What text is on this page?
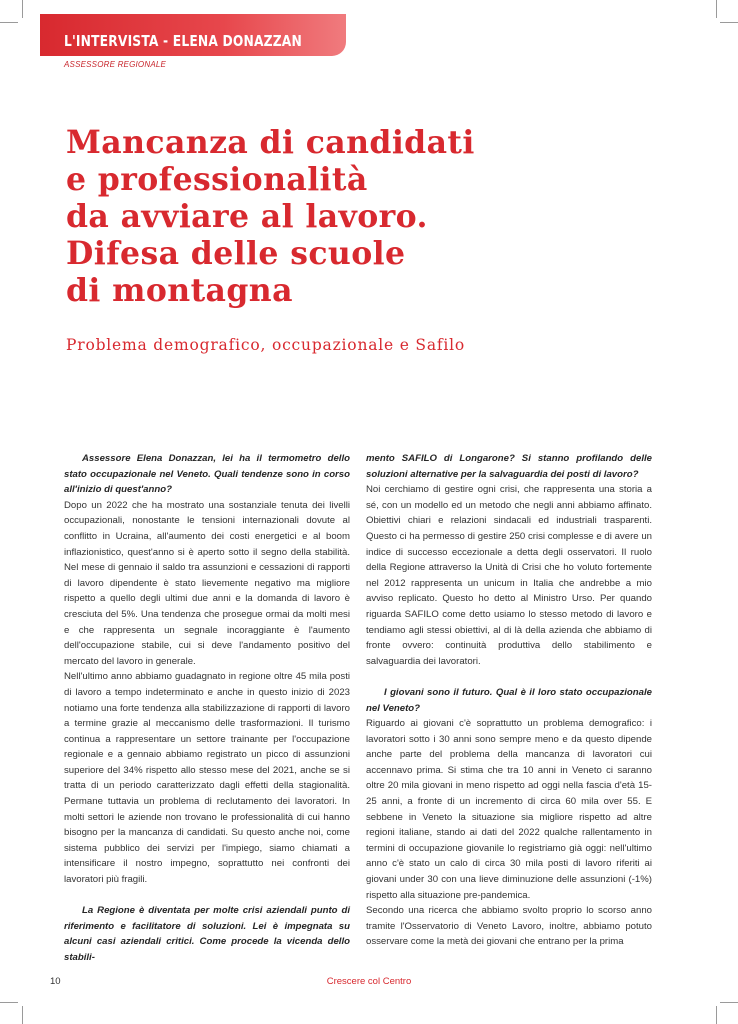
L'INTERVISTA - ELENA DONAZZAN
ASSESSORE REGIONALE
Mancanza di candidati
e professionalità
da avviare al lavoro.
Difesa delle scuole
di montagna
Problema demografico, occupazionale e Safilo

Assessore Elena Donazzan, lei ha il termometro dello stato occupazionale nel Veneto. Quali tendenze sono in corso all'inizio di quest'anno?

Dopo un 2022 che ha mostrato una sostanziale tenuta dei livelli occupazionali, nonostante le tensioni internazionali dovute al conflitto in Ucraina, all'aumento dei costi energetici e al boom inflazionistico, quest'anno si è aperto sotto il segno della stabilità. Nel mese di gennaio il saldo tra assunzioni e cessazioni di rapporti di lavoro dipendente è stato lievemente negativo ma migliore rispetto a quello degli ultimi due anni e la domanda di lavoro è cresciuta del 5%. Una tendenza che prosegue ormai da molti mesi e che rappresenta un segnale incoraggiante è l'aumento dell'occupazione stabile, cui si deve l'andamento positivo del mercato del lavoro in generale.

Nell'ultimo anno abbiamo guadagnato in regione oltre 45 mila posti di lavoro a tempo indeterminato e anche in questo inizio di 2023 notiamo una forte tendenza alla stabilizzazione di rapporti di lavoro a termine grazie al meccanismo delle trasformazioni. Il turismo continua a rappresentare un settore trainante per l'occupazione regionale e a gennaio abbiamo registrato un picco di assunzioni superiore del 34% rispetto allo stesso mese del 2021, anche se si tratta di un periodo caratterizzato dagli effetti della stagionalità. Permane tuttavia un problema di reclutamento dei lavoratori. In molti settori le aziende non trovano le professionalità di cui hanno bisogno per la mancanza di candidati. Su questo anche noi, come sistema pubblico dei servizi per l'impiego, siamo chiamati a intensificare il nostro impegno, soprattutto nei confronti dei lavoratori più fragili.

La Regione è diventata per molte crisi aziendali punto di riferimento e facilitatore di soluzioni. Lei è impegnata su alcuni casi aziendali critici. Come procede la vicenda dello stabili-

mento SAFILO di Longarone? Si stanno profilando delle soluzioni alternative per la salvaguardia dei posti di lavoro?

Noi cerchiamo di gestire ogni crisi, che rappresenta una storia a sé, con un modello ed un metodo che negli anni abbiamo affinato. Obiettivi chiari e relazioni sindacali ed industriali trasparenti. Questo ci ha permesso di gestire 250 crisi complesse e di avere un indice di successo eccezionale a detta degli osservatori. Il ruolo della Regione attraverso la Unità di Crisi che ho voluto fortemente nel 2012 rappresenta un unicum in Italia che andrebbe a mio avviso replicato. Questo ho detto al Ministro Urso. Per quando riguarda SAFILO come detto usiamo lo stesso metodo di lavoro e tendiamo agli stessi obiettivi, al di là della azienda che abbiamo di fronte ovvero: continuità produttiva dello stabilimento e salvaguardia dei lavoratori.

I giovani sono il futuro. Qual è il loro stato occupazionale nel Veneto?

Riguardo ai giovani c'è soprattutto un problema demografico: i lavoratori sotto i 30 anni sono sempre meno e da questo dipende anche parte del problema della mancanza di lavoratori cui accennavo prima. Si stima che tra 10 anni in Veneto ci saranno oltre 20 mila giovani in meno rispetto ad oggi nella fascia d'età 15-25 anni, a fronte di un incremento di circa 60 mila over 55. E sebbene in Veneto la situazione sia migliore rispetto ad altre regioni italiane, stando ai dati del 2022 qualche rallentamento in termini di occupazione giovanile lo registriamo già oggi: nell'ultimo anno c'è stato un calo di circa 30 mila posti di lavoro riferiti ai giovani under 30 con una lieve diminuzione delle assunzioni (-1%) rispetto alla situazione pre-pandemica.

Secondo una ricerca che abbiamo svolto proprio lo scorso anno tramite l'Osservatorio di Veneto Lavoro, inoltre, abbiamo potuto osservare come la metà dei giovani che entrano per la prima

10	Crescere col Centro
